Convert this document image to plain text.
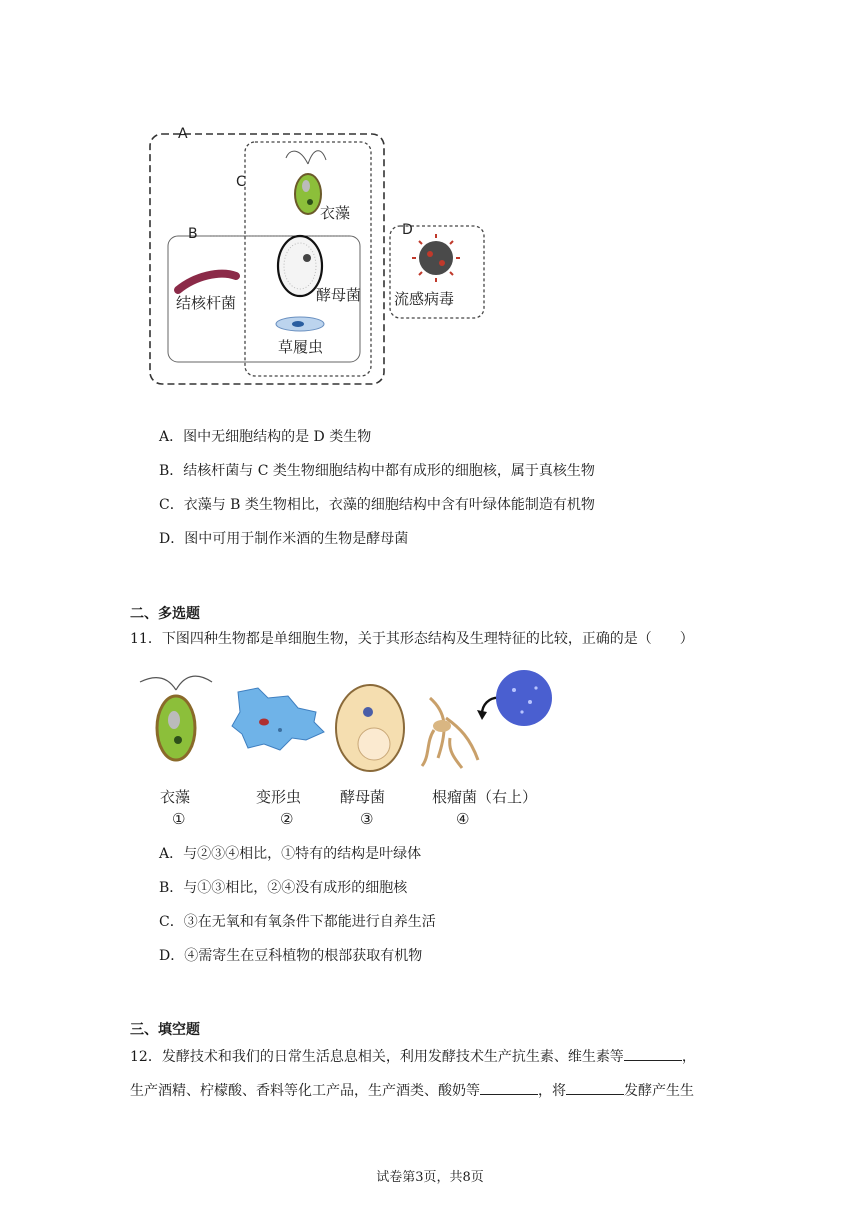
A
C
B
衣藻
结核杆菌	酵母菌
草履虫
D
流感病毒
A．图中无细胞结构的是 D 类生物
B．结核杆菌与 C 类生物细胞结构中都有成形的细胞核，属于真核生物
C．衣藻与 B 类生物相比，衣藻的细胞结构中含有叶绿体能制造有机物
D．图中可用于制作米酒的生物是酵母菌
二、多选题
11．下图四种生物都是单细胞生物，关于其形态结构及生理特征的比较，正确的是（　　）
衣藻	变形虫	酵母菌	根瘤菌（右上）
①	②	③	④
A．与②③④相比，①特有的结构是叶绿体
B．与①③相比，②④没有成形的细胞核
C．③在无氧和有氧条件下都能进行自养生活
D．④需寄生在豆科植物的根部获取有机物
三、填空题
12．发酵技术和我们的日常生活息息相关，利用发酵技术生产抗生素、维生素等	，
生产酒精、柠檬酸、香料等化工产品，生产酒类、酸奶等	，将	发酵产生生
试卷第3页，共8页
